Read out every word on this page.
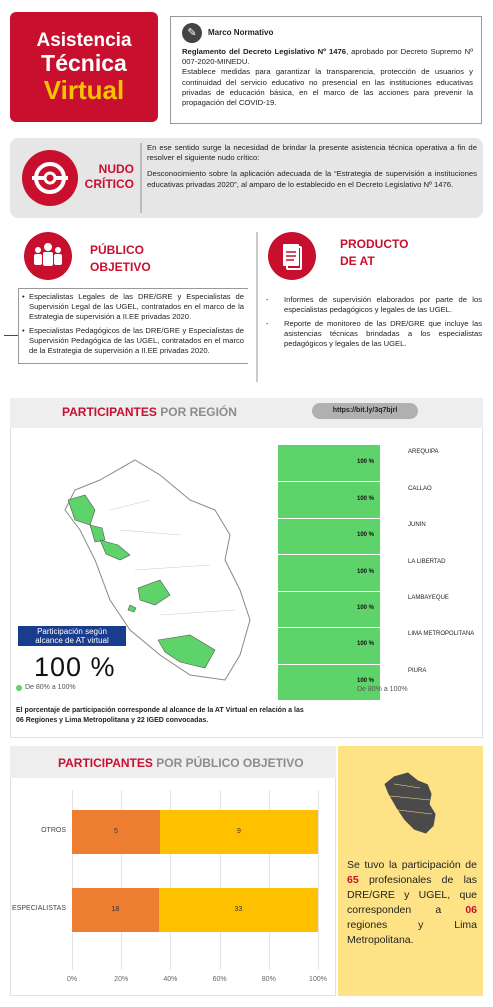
Asistencia
Técnica
Virtual
✎	Marco Normativo

Reglamento del Decreto Legislativo Nº 1476, aprobado por Decreto Supremo Nº 007-2020-MINEDU.

Establece medidas para garantizar la transparencia, protección de usuarios y continuidad del servicio educativo no presencial en las instituciones educativas privadas de educación básica, en el marco de las acciones para prevenir la propagación del COVID-19.

NUDO
CRÍTICO

En ese sentido surge la necesidad de brindar la presente asistencia técnica operativa a fin de resolver el siguiente nudo crítico:

Desconocimiento sobre la aplicación adecuada de la “Estrategia de supervisión a instituciones educativas privadas 2020”, al amparo de lo establecido en el Decreto Legislativo Nº 1476.

PÚBLICO
OBJETIVO
• Especialistas Legales de las DRE/GRE y Especialistas de Supervisión Legal de las UGEL, contratados en el marco de la Estrategia de supervisión a II.EE privadas 2020.
• Especialistas Pedagógicos de las DRE/GRE y Especialistas de Supervisión Pedagógica de las UGEL, contratados en el marco de la Estrategia de supervisión a II.EE privadas 2020.
PRODUCTO
DE AT
- Informes de supervisión elaborados por parte de los especialistas pedagógicos y legales de las UGEL.
- Reporte de monitoreo de las DRE/GRE que incluye las asistencias técnicas brindadas a los especialistas pedagógicos y legales de las UGEL.
PARTICIPANTES POR REGIÓN	https://bit.ly/3q7bjrl
Participación según
alcance de AT virtual
100 %
De 80% a 100%
100 %
100 %
100 %
100 %
100 %
100 %
100 %
AREQUIPA
CALLAO
JUNIN
LA LIBERTAD
LAMBAYEQUE
LIMA METROPOLITANA
PIURA
De 80% a 100%
El porcentaje de participación corresponde al alcance de la AT Virtual en relación a las 06 Regiones y Lima Metropolitana y 22 IGED convocadas.
PARTICIPANTES POR PÚBLICO OBJETIVO
0%	20%	40%	60%	80%	100%
OTROS	5	9
ESPECIALISTAS	18	33
Se tuvo la participación de 65 profesionales de las DRE/GRE y UGEL, que corresponden a 06 regiones y Lima Metropolitana.
